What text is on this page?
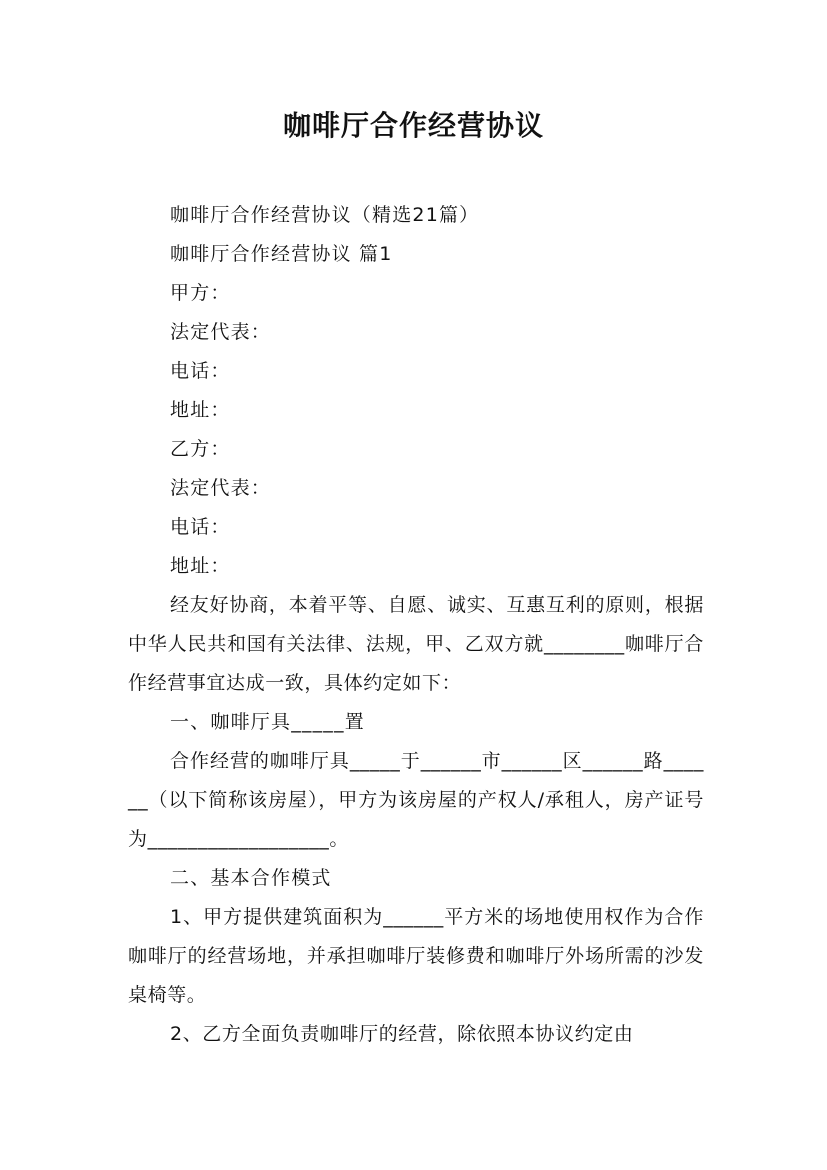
咖啡厅合作经营协议

咖啡厅合作经营协议（精选21篇）

咖啡厅合作经营协议 篇1

甲方：

法定代表：

电话：

地址：

乙方：

法定代表：

电话：

地址：

经友好协商，本着平等、自愿、诚实、互惠互利的原则，根据中华人民共和国有关法律、法规，甲、乙双方就________咖啡厅合作经营事宜达成一致，具体约定如下：

一、咖啡厅具_____置

合作经营的咖啡厅具_____于______市______区______路______（以下简称该房屋），甲方为该房屋的产权人/承租人，房产证号为__________________。

二、基本合作模式

1、甲方提供建筑面积为______平方米的场地使用权作为合作咖啡厅的经营场地，并承担咖啡厅装修费和咖啡厅外场所需的沙发桌椅等。

2、乙方全面负责咖啡厅的经营，除依照本协议约定由
